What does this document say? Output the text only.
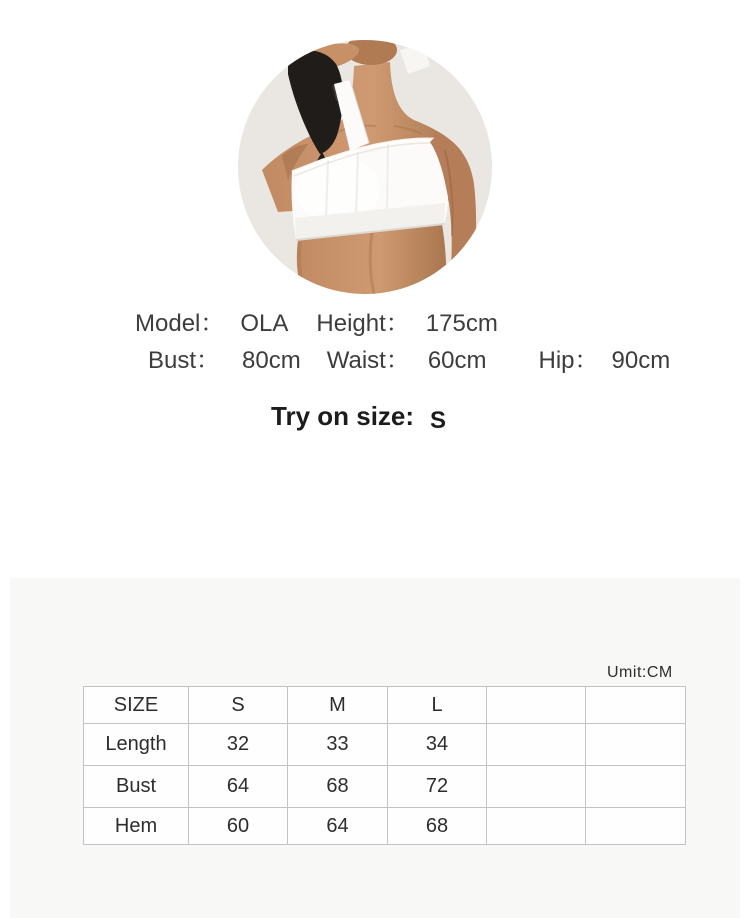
Model： OLA Height： 175cm
Bust： 80cm Waist： 60cm Hip： 90cm
Try on size: S
Umit:CM
SIZE	S	M	L		
Length	32	33	34		
Bust	64	68	72		
Hem	60	64	68		
